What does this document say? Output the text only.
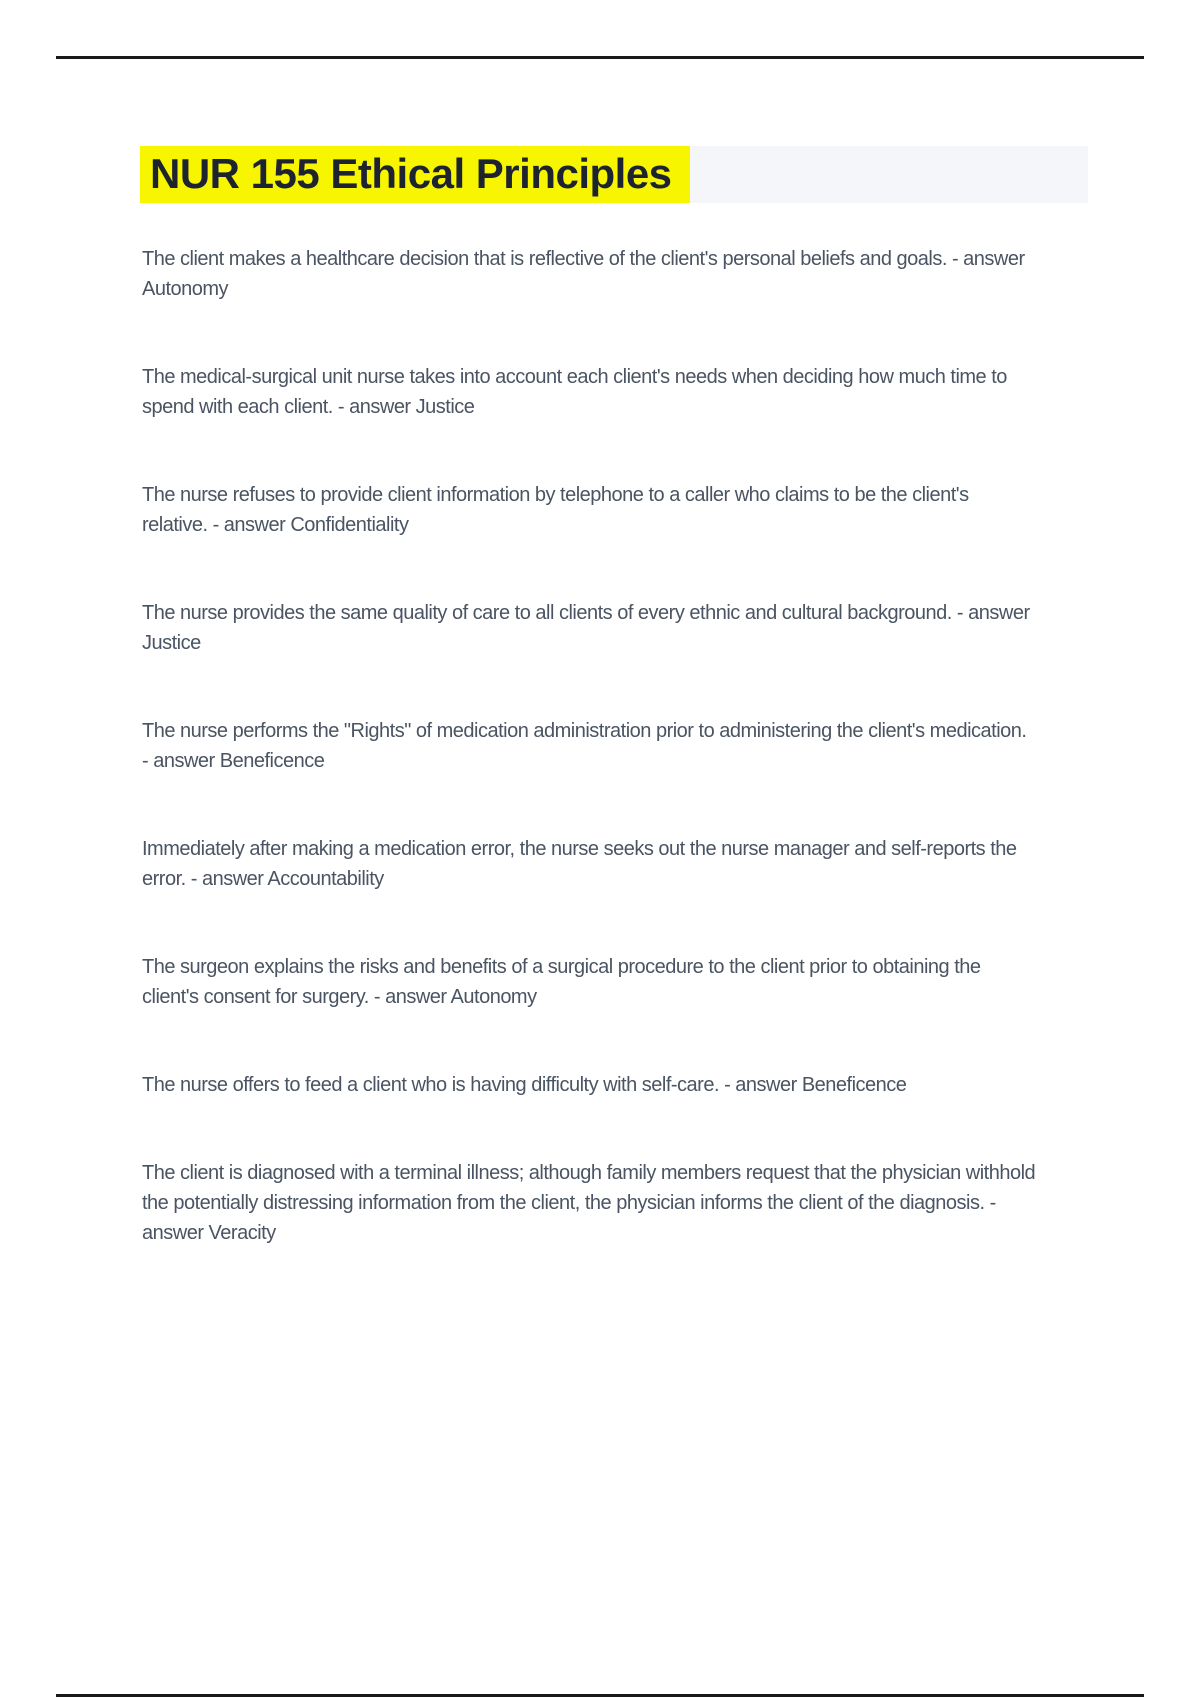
NUR 155 Ethical Principles

The client makes a healthcare decision that is reflective of the client's personal beliefs and goals. - answer Autonomy

The medical-surgical unit nurse takes into account each client's needs when deciding how much time to spend with each client. - answer Justice

The nurse refuses to provide client information by telephone to a caller who claims to be the client's relative. - answer Confidentiality

The nurse provides the same quality of care to all clients of every ethnic and cultural background. - answer Justice

The nurse performs the "Rights" of medication administration prior to administering the client's medication. - answer Beneficence

Immediately after making a medication error, the nurse seeks out the nurse manager and self-reports the error. - answer Accountability

The surgeon explains the risks and benefits of a surgical procedure to the client prior to obtaining the client's consent for surgery. - answer Autonomy

The nurse offers to feed a client who is having difficulty with self-care. - answer Beneficence

The client is diagnosed with a terminal illness; although family members request that the physician withhold the potentially distressing information from the client, the physician informs the client of the diagnosis. - answer Veracity
